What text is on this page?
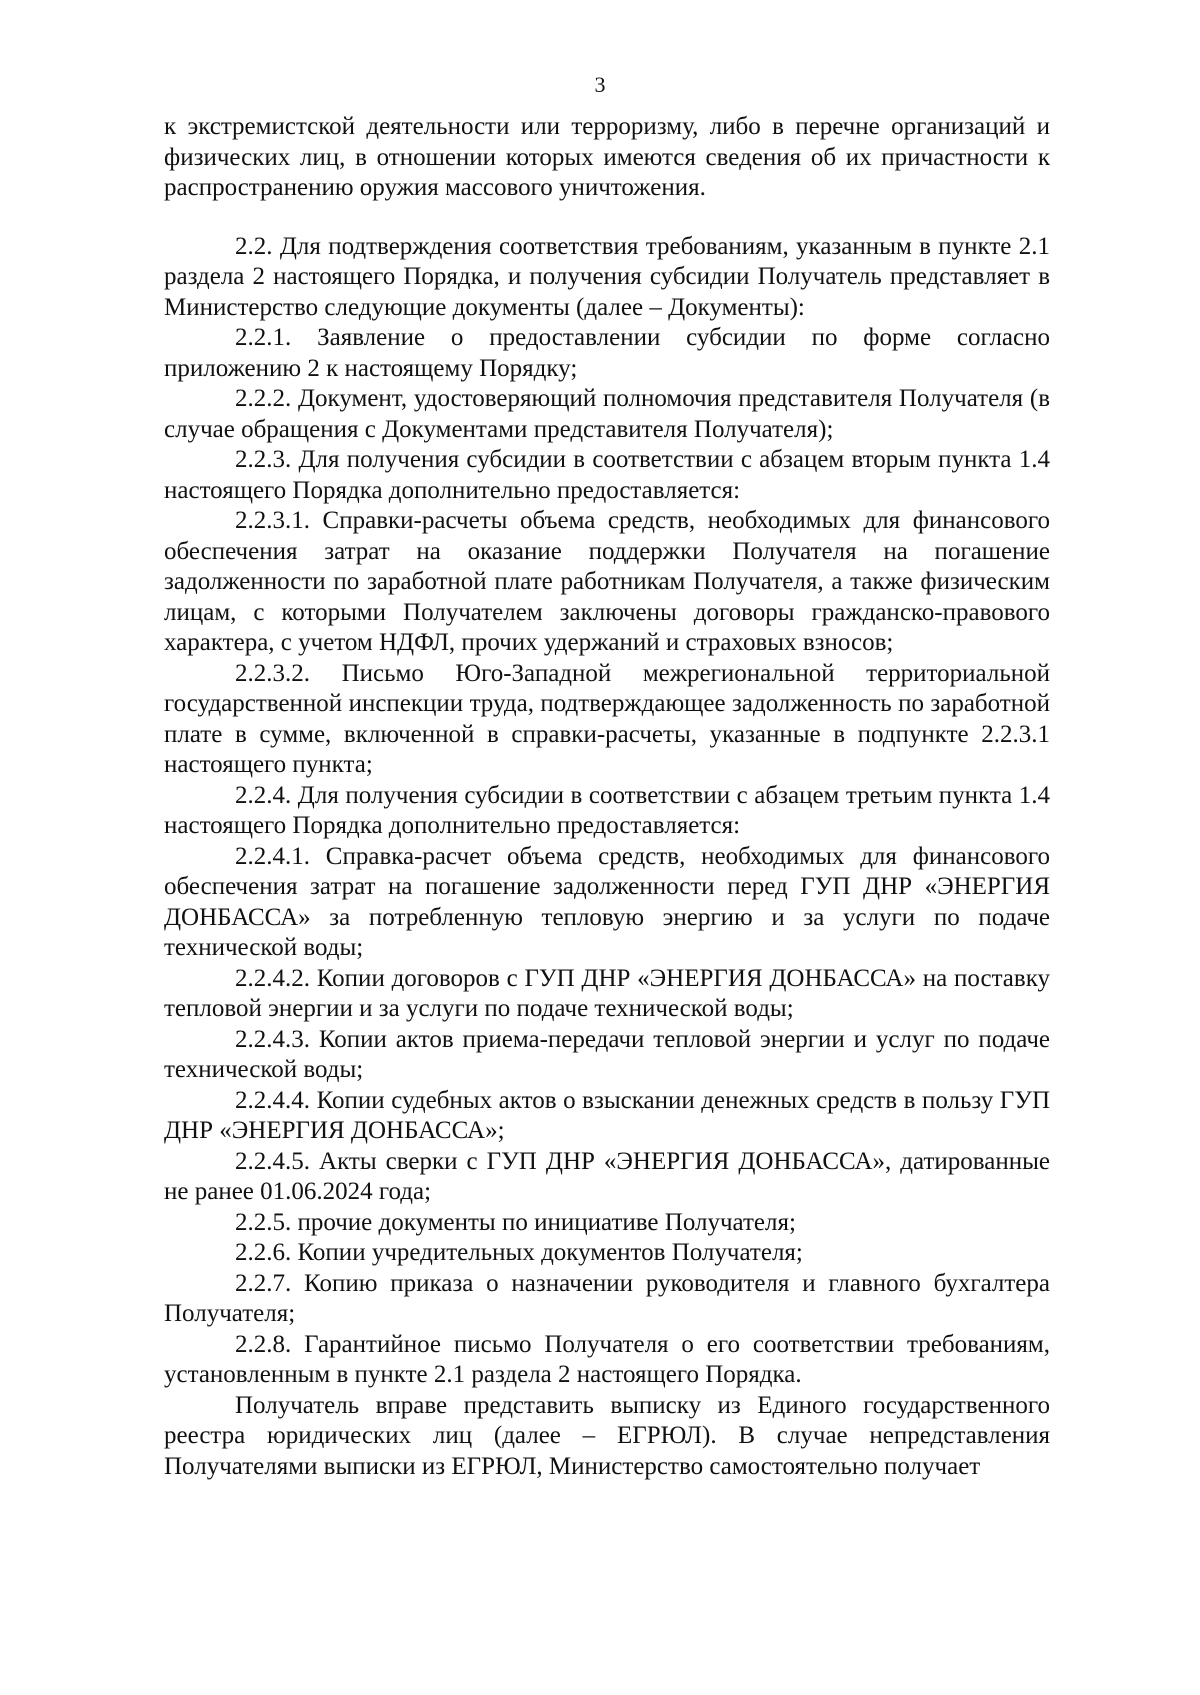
3

к экстремистской деятельности или терроризму, либо в перечне организаций и физических лиц, в отношении которых имеются сведения об их причастности к распространению оружия массового уничтожения.

2.2. Для подтверждения соответствия требованиям, указанным в пункте 2.1 раздела 2 настоящего Порядка, и получения субсидии Получатель представляет в Министерство следующие документы (далее – Документы):

2.2.1. Заявление о предоставлении субсидии по форме согласно приложению 2 к настоящему Порядку;

2.2.2. Документ, удостоверяющий полномочия представителя Получателя (в случае обращения с Документами представителя Получателя);

2.2.3. Для получения субсидии в соответствии с абзацем вторым пункта 1.4 настоящего Порядка дополнительно предоставляется:

2.2.3.1. Справки-расчеты объема средств, необходимых для финансового обеспечения затрат на оказание поддержки Получателя на погашение задолженности по заработной плате работникам Получателя, а также физическим лицам, с которыми Получателем заключены договоры гражданско-правового характера, с учетом НДФЛ, прочих удержаний и страховых взносов;

2.2.3.2. Письмо Юго-Западной межрегиональной территориальной государственной инспекции труда, подтверждающее задолженность по заработной плате в сумме, включенной в справки-расчеты, указанные в подпункте 2.2.3.1 настоящего пункта;

2.2.4. Для получения субсидии в соответствии с абзацем третьим пункта 1.4 настоящего Порядка дополнительно предоставляется:

2.2.4.1. Справка-расчет объема средств, необходимых для финансового обеспечения затрат на погашение задолженности перед ГУП ДНР «ЭНЕРГИЯ ДОНБАССА» за потребленную тепловую энергию и за услуги по подаче технической воды;

2.2.4.2. Копии договоров с ГУП ДНР «ЭНЕРГИЯ ДОНБАССА» на поставку тепловой энергии и за услуги по подаче технической воды;

2.2.4.3. Копии актов приема-передачи тепловой энергии и услуг по подаче технической воды;

2.2.4.4. Копии судебных актов о взыскании денежных средств в пользу ГУП ДНР «ЭНЕРГИЯ ДОНБАССА»;

2.2.4.5. Акты сверки с ГУП ДНР «ЭНЕРГИЯ ДОНБАССА», датированные не ранее 01.06.2024 года;

2.2.5. прочие документы по инициативе Получателя;

2.2.6. Копии учредительных документов Получателя;

2.2.7. Копию приказа о назначении руководителя и главного бухгалтера Получателя;

2.2.8. Гарантийное письмо Получателя о его соответствии требованиям, установленным в пункте 2.1 раздела 2 настоящего Порядка.

Получатель вправе представить выписку из Единого государственного реестра юридических лиц (далее – ЕГРЮЛ). В случае непредставления Получателями выписки из ЕГРЮЛ, Министерство самостоятельно получает
